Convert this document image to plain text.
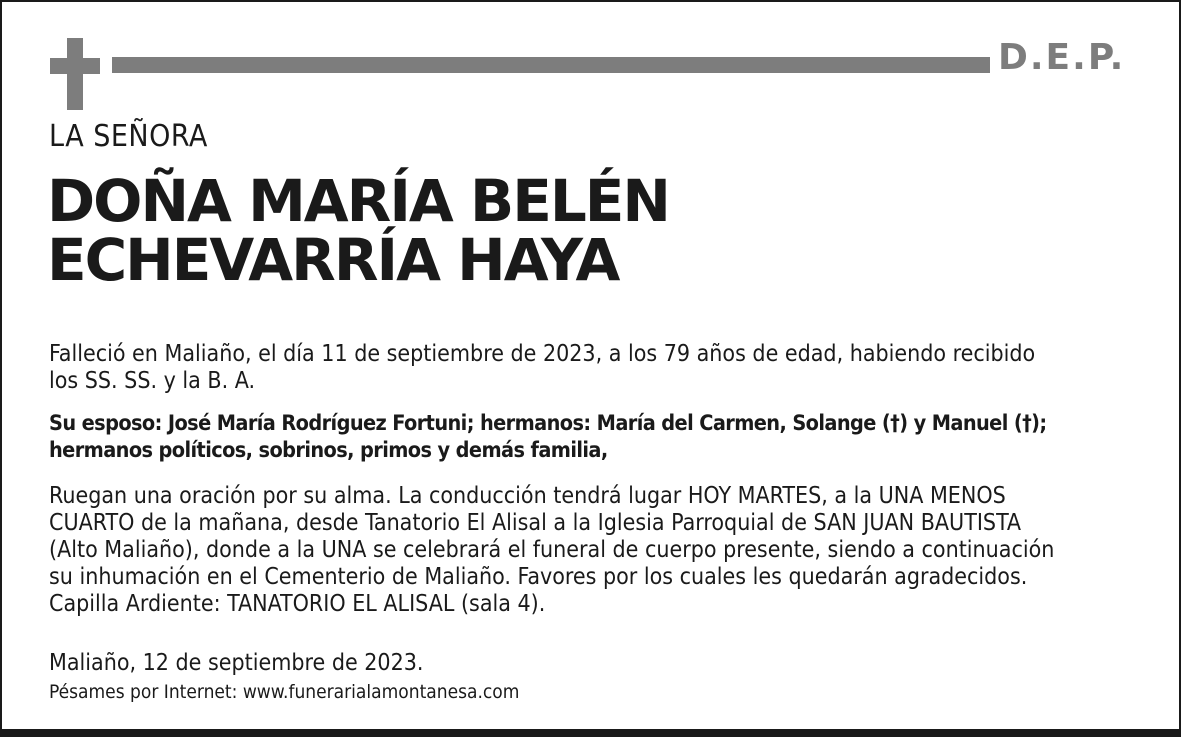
D.E.P.
LA SEÑORA
DOÑA MARÍA BELÉN
ECHEVARRÍA HAYA
Falleció en Maliaño, el día 11 de septiembre de 2023, a los 79 años de edad, habiendo recibido
los SS. SS. y la B. A.
Su esposo: José María Rodríguez Fortuni; hermanos: María del Carmen, Solange (†) y Manuel (†);
hermanos políticos, sobrinos, primos y demás familia,
Ruegan una oración por su alma. La conducción tendrá lugar HOY MARTES, a la UNA MENOS
CUARTO de la mañana, desde Tanatorio El Alisal a la Iglesia Parroquial de SAN JUAN BAUTISTA
(Alto Maliaño), donde a la UNA se celebrará el funeral de cuerpo presente, siendo a continuación
su inhumación en el Cementerio de Maliaño. Favores por los cuales les quedarán agradecidos.
Capilla Ardiente: TANATORIO EL ALISAL (sala 4).
Maliaño, 12 de septiembre de 2023.
Pésames por Internet: www.funerarialamontanesa.com
